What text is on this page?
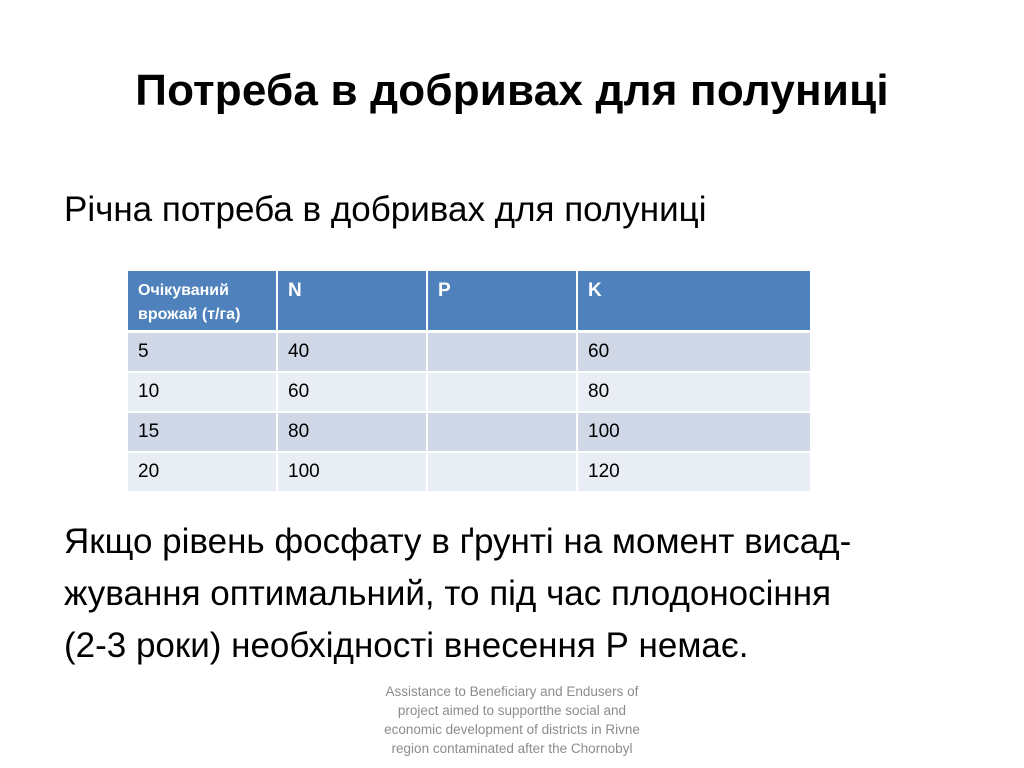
Потреба в добривах для полуниці
Річна потреба в добривах для полуниці
Очікуваний врожай (т/га)	N	P	K
5	40		60
10	60		80
15	80		100
20	100		120
Якщо рівень фосфату в ґрунті на момент висад-
жування оптимальний, то під час плодоносіння
(2-3 роки) необхідності внесення Р немає.
Assistance to Beneficiary and Endusers of
project aimed to supportthe social and
economic development of districts in Rivne
region contaminated after the Chornobyl
